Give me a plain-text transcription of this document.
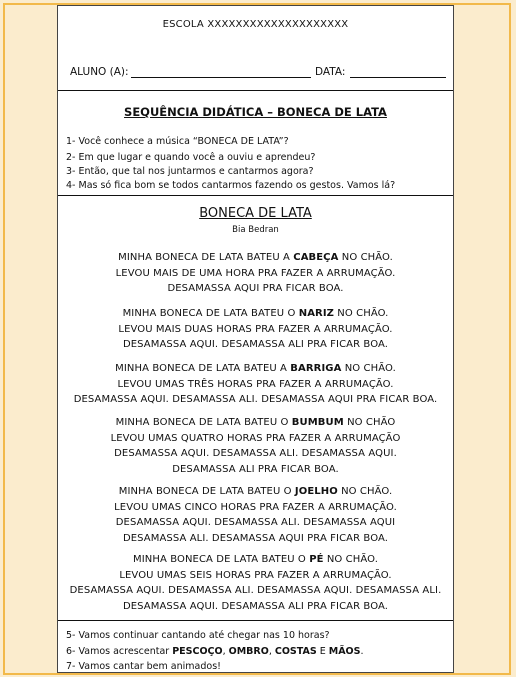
ESCOLA XXXXXXXXXXXXXXXXXXXX
ALUNO (A):	DATA:
SEQUÊNCIA DIDÁTICA – BONECA DE LATA
1- Você conhece a música “BONECA DE LATA”?
2- Em que lugar e quando você a ouviu e aprendeu?
3- Então, que tal nos juntarmos e cantarmos agora?
4- Mas só fica bom se todos cantarmos fazendo os gestos. Vamos lá?
BONECA DE LATA
Bia Bedran
MINHA BONECA DE LATA BATEU A CABEÇA NO CHÃO.
LEVOU MAIS DE UMA HORA PRA FAZER A ARRUMAÇÃO.
DESAMASSA AQUI PRA FICAR BOA.
MINHA BONECA DE LATA BATEU O NARIZ NO CHÃO.
LEVOU MAIS DUAS HORAS PRA FAZER A ARRUMAÇÃO.
DESAMASSA AQUI. DESAMASSA ALI PRA FICAR BOA.
MINHA BONECA DE LATA BATEU A BARRIGA NO CHÃO.
LEVOU UMAS TRÊS HORAS PRA FAZER A ARRUMAÇÃO.
DESAMASSA AQUI. DESAMASSA ALI. DESAMASSA AQUI PRA FICAR BOA.
MINHA BONECA DE LATA BATEU O BUMBUM NO CHÃO
LEVOU UMAS QUATRO HORAS PRA FAZER A ARRUMAÇÃO
DESAMASSA AQUI. DESAMASSA ALI. DESAMASSA AQUI.
DESAMASSA ALI PRA FICAR BOA.
MINHA BONECA DE LATA BATEU O JOELHO NO CHÃO.
LEVOU UMAS CINCO HORAS PRA FAZER A ARRUMAÇÃO.
DESAMASSA AQUI. DESAMASSA ALI. DESAMASSA AQUI
DESAMASSA ALI. DESAMASSA AQUI PRA FICAR BOA.
MINHA BONECA DE LATA BATEU O PÉ NO CHÃO.
LEVOU UMAS SEIS HORAS PRA FAZER A ARRUMAÇÃO.
DESAMASSA AQUI. DESAMASSA ALI. DESAMASSA AQUI. DESAMASSA ALI.
DESAMASSA AQUI. DESAMASSA ALI PRA FICAR BOA.
5- Vamos continuar cantando até chegar nas 10 horas?
6- Vamos acrescentar PESCOÇO, OMBRO, COSTAS E MÃOS.
7- Vamos cantar bem animados!
